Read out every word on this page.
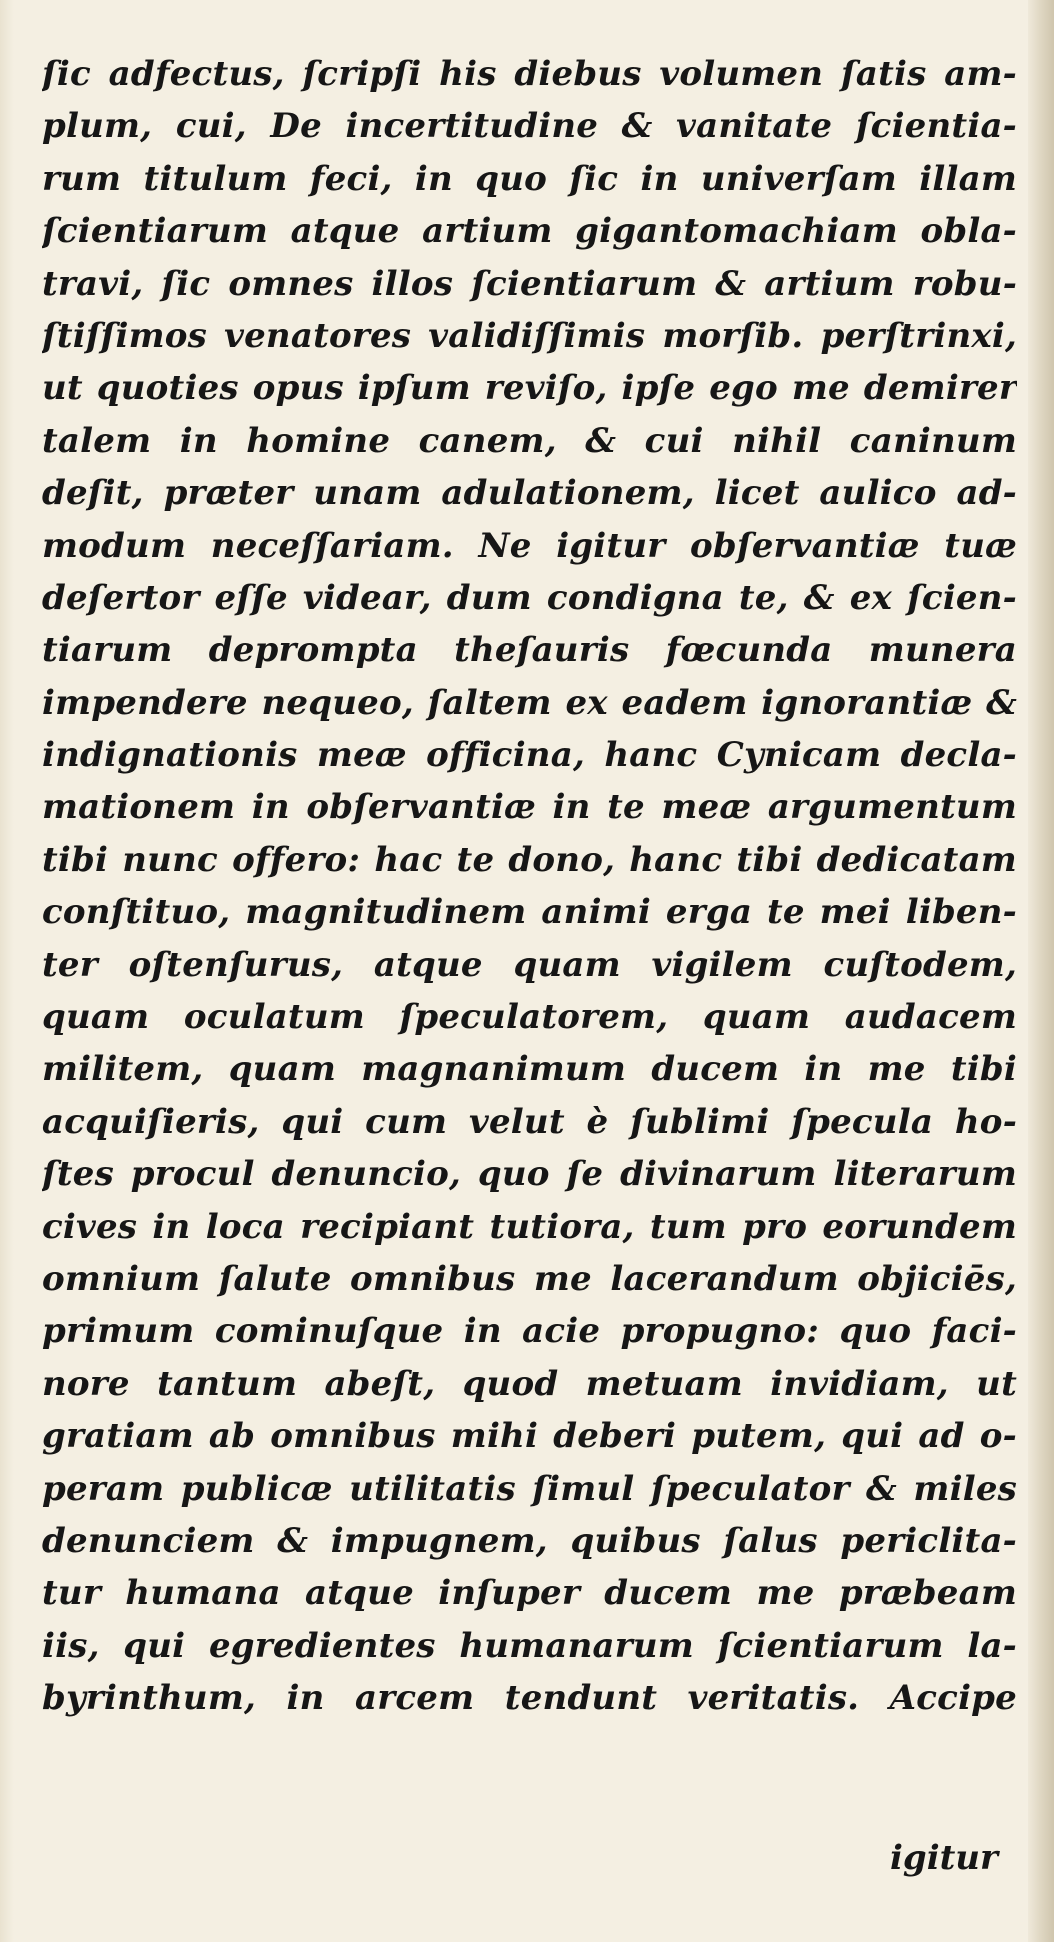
ſic adfectus, ſcripſi his diebus volumen ſatis am-
plum, cui, De incertitudine & vanitate ſcientia-
rum titulum feci, in quo ſic in univerſam illam
ſcientiarum atque artium gigantomachiam obla-
travi, ſic omnes illos ſcientiarum & artium robu-
ſtiſſimos venatores validiſſimis morſib. perſtrinxi,
ut quoties opus ipſum reviſo, ipſe ego me demirer
talem in homine canem, & cui nihil caninum
deſit, præter unam adulationem, licet aulico ad-
modum neceſſariam. Ne igitur obſervantiæ tuæ
deſertor eſſe videar, dum condigna te, & ex ſcien-
tiarum deprompta theſauris fœcunda munera
impendere nequeo, ſaltem ex eadem ignorantiæ &
indignationis meæ officina, hanc Cynicam decla-
mationem in obſervantiæ in te meæ argumentum
tibi nunc offero: hac te dono, hanc tibi dedicatam
conſtituo, magnitudinem animi erga te mei liben-
ter oſtenſurus, atque quam vigilem cuſtodem,
quam oculatum ſpeculatorem, quam audacem
militem, quam magnanimum ducem in me tibi
acquiſieris, qui cum velut è ſublimi ſpecula ho-
ſtes procul denuncio, quo ſe divinarum literarum
cives in loca recipiant tutiora, tum pro eorundem
omnium ſalute omnibus me lacerandum objiciēs,
primum cominuſque in acie propugno: quo faci-
nore tantum abeſt, quod metuam invidiam, ut
gratiam ab omnibus mihi deberi putem, qui ad o-
peram publicæ utilitatis ſimul ſpeculator & miles
denunciem & impugnem, quibus ſalus periclita-
tur humana atque inſuper ducem me præbeam
iis, qui egredientes humanarum ſcientiarum la-
byrinthum, in arcem tendunt veritatis. Accipe
igitur
